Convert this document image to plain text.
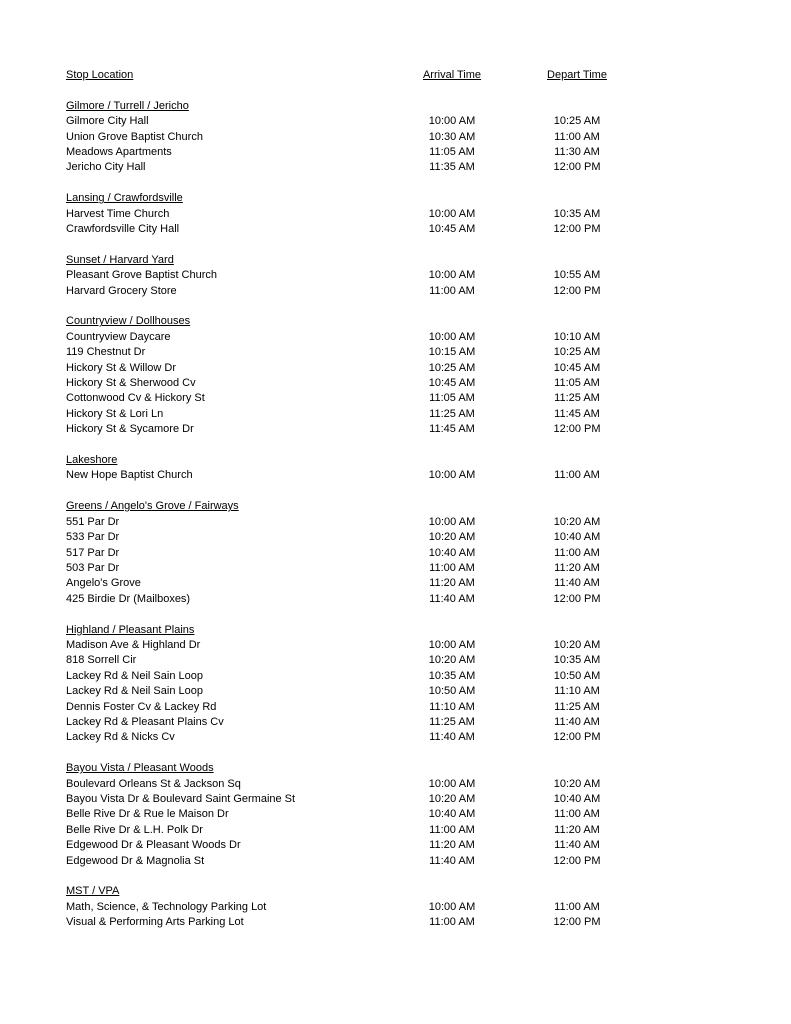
Stop Location	Arrival Time	Depart Time
Gilmore / Turrell / Jericho
Gilmore City Hall	10:00 AM	10:25 AM
Union Grove Baptist Church	10:30 AM	11:00 AM
Meadows Apartments	11:05 AM	11:30 AM
Jericho City Hall	11:35 AM	12:00 PM
Lansing / Crawfordsville
Harvest Time Church	10:00 AM	10:35 AM
Crawfordsville City Hall	10:45 AM	12:00 PM
Sunset / Harvard Yard
Pleasant Grove Baptist Church	10:00 AM	10:55 AM
Harvard Grocery Store	11:00 AM	12:00 PM
Countryview / Dollhouses
Countryview Daycare	10:00 AM	10:10 AM
119 Chestnut Dr	10:15 AM	10:25 AM
Hickory St & Willow Dr	10:25 AM	10:45 AM
Hickory St & Sherwood Cv	10:45 AM	11:05 AM
Cottonwood Cv & Hickory St	11:05 AM	11:25 AM
Hickory St & Lori Ln	11:25 AM	11:45 AM
Hickory St & Sycamore Dr	11:45 AM	12:00 PM
Lakeshore
New Hope Baptist Church	10:00 AM	11:00 AM
Greens / Angelo's Grove / Fairways
551 Par Dr	10:00 AM	10:20 AM
533 Par Dr	10:20 AM	10:40 AM
517 Par Dr	10:40 AM	11:00 AM
503 Par Dr	11:00 AM	11:20 AM
Angelo's Grove	11:20 AM	11:40 AM
425 Birdie Dr (Mailboxes)	11:40 AM	12:00 PM
Highland / Pleasant Plains
Madison Ave & Highland Dr	10:00 AM	10:20 AM
818 Sorrell Cir	10:20 AM	10:35 AM
Lackey Rd & Neil Sain Loop	10:35 AM	10:50 AM
Lackey Rd & Neil Sain Loop	10:50 AM	11:10 AM
Dennis Foster Cv & Lackey Rd	11:10 AM	11:25 AM
Lackey Rd & Pleasant Plains Cv	11:25 AM	11:40 AM
Lackey Rd & Nicks Cv	11:40 AM	12:00 PM
Bayou Vista / Pleasant Woods
Boulevard Orleans St & Jackson Sq	10:00 AM	10:20 AM
Bayou Vista Dr & Boulevard Saint Germaine St	10:20 AM	10:40 AM
Belle Rive Dr & Rue le Maison Dr	10:40 AM	11:00 AM
Belle Rive Dr & L.H. Polk Dr	11:00 AM	11:20 AM
Edgewood Dr & Pleasant Woods Dr	11:20 AM	11:40 AM
Edgewood Dr & Magnolia St	11:40 AM	12:00 PM
MST / VPA
Math, Science, & Technology Parking Lot	10:00 AM	11:00 AM
Visual & Performing Arts Parking Lot	11:00 AM	12:00 PM
